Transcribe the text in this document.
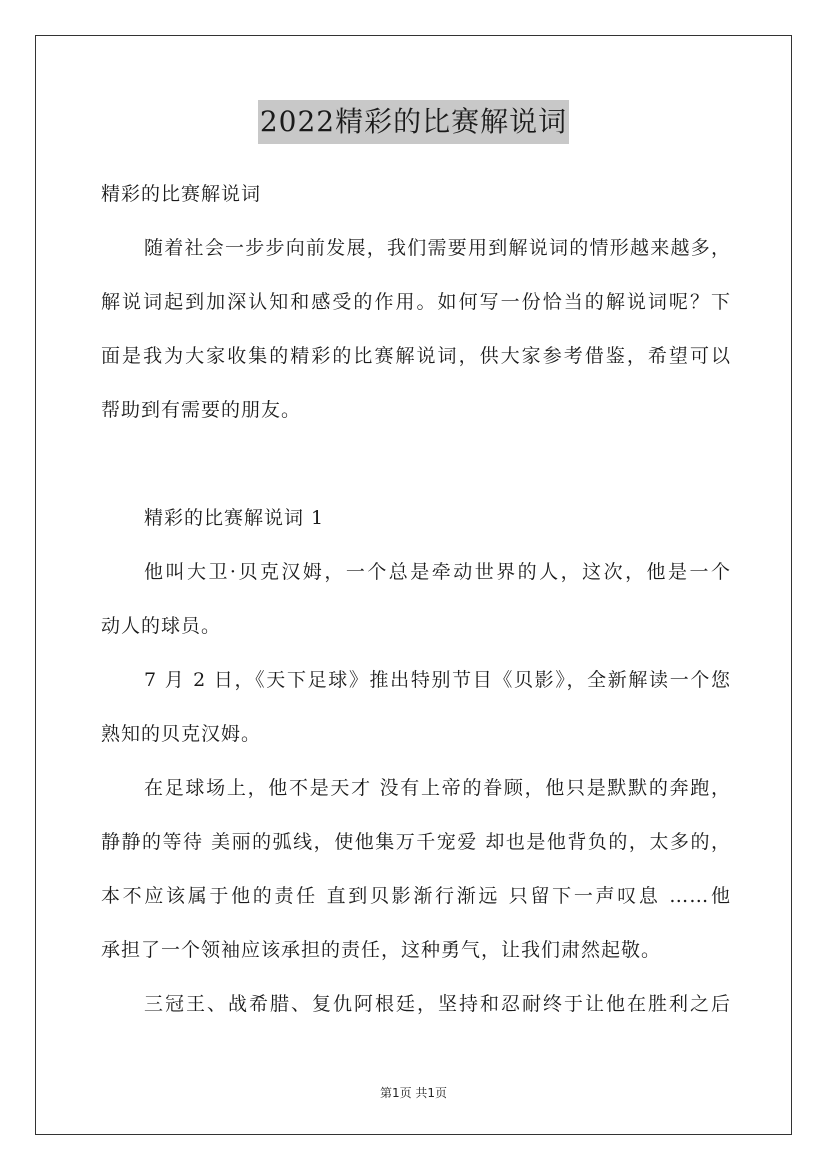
2022精彩的比赛解说词
精彩的比赛解说词
随着社会一步步向前发展，我们需要用到解说词的情形越来越多，
解说词起到加深认知和感受的作用。如何写一份恰当的解说词呢？下
面是我为大家收集的精彩的比赛解说词，供大家参考借鉴，希望可以
帮助到有需要的朋友。
精彩的比赛解说词 1
他叫大卫·贝克汉姆，一个总是牵动世界的人，这次，他是一个
动人的球员。
7 月 2 日，《天下足球》推出特别节目《贝影》，全新解读一个您
熟知的贝克汉姆。
在足球场上，他不是天才 没有上帝的眷顾，他只是默默的奔跑，
静静的等待 美丽的弧线，使他集万千宠爱 却也是他背负的，太多的，
本不应该属于他的责任 直到贝影渐行渐远 只留下一声叹息 ……他
承担了一个领袖应该承担的责任，这种勇气，让我们肃然起敬。
三冠王、战希腊、复仇阿根廷，坚持和忍耐终于让他在胜利之后
第1页 共1页
